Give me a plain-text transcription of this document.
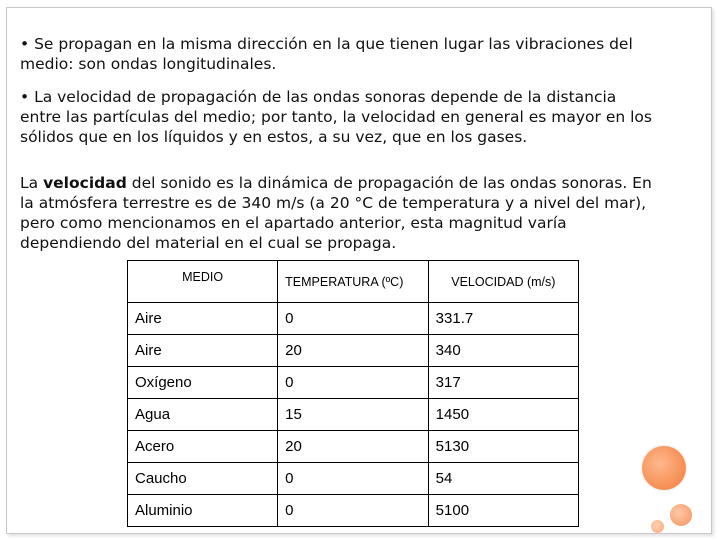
• Se propagan en la misma dirección en la que tienen lugar las vibraciones del medio: son ondas longitudinales.

• La velocidad de propagación de las ondas sonoras depende de la distancia entre las partículas del medio; por tanto, la velocidad en general es mayor en los sólidos que en los líquidos y en estos, a su vez, que en los gases.

La velocidad del sonido es la dinámica de propagación de las ondas sonoras. En la atmósfera terrestre es de 340 m/s (a 20 °C de temperatura y a nivel del mar), pero como mencionamos en el apartado anterior, esta magnitud varía dependiendo del material en el cual se propaga.

MEDIO	TEMPERATURA (ºC)	VELOCIDAD (m/s)
Aire	0	331.7
Aire	20	340
Oxígeno	0	317
Agua	15	1450
Acero	20	5130
Caucho	0	54
Aluminio	0	5100
